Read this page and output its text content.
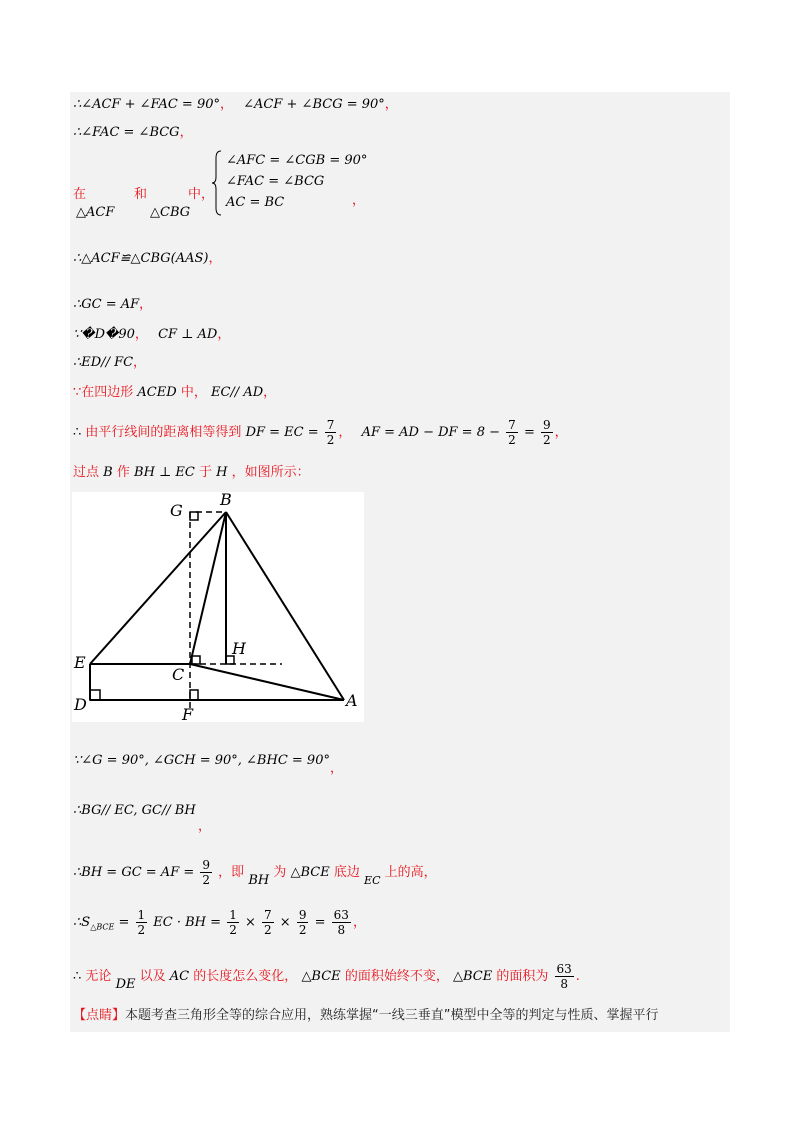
∴∠ACF + ∠FAC = 90°， ∠ACF + ∠BCG = 90°，
∴∠FAC = ∠BCG，
在
△ACF
和
△CBG
中，
∠AFC = ∠CGB = 90°
∠FAC = ∠BCG
AC = BC	，
∴△ACF≌△CBG(AAS)，
∴GC = AF，
∵�D�90， CF ⊥ AD，
∴ED// FC，
∵在四边形 ACED 中， EC// AD，
∴ 由平行线间的距离相等得到 DF = EC = $\frac{7}{2}$ ， AF = AD − DF = $8 - \frac{7}{2} = \frac{9}{2}$ ，
过点 B 作 BH ⊥ EC 于 H ，如图所示：
G
B
E
C
H
D
F
A
∵∠G = 90°, ∠GCH = 90°, ∠BHC = 90°，
∴BG// EC, GC// BH
，
∴BH = GC = AF = $\frac{9}{2}$ ，即 BH 为 △BCE 底边 $_{EC}$ 上的高，
$\therefore S_{\triangle BCE} = \frac{1}{2}$ EC · BH = $\frac{1}{2} \times \frac{7}{2} \times \frac{9}{2} = \frac{63}{8}$ ，
∴ 无论 DE 以及 AC 的长度怎么变化， △BCE 的面积始终不变， △BCE 的面积为 $\frac{63}{8}$ .
【点睛】本题考查三角形全等的综合应用，熟练掌握“一线三垂直”模型中全等的判定与性质、掌握平行
